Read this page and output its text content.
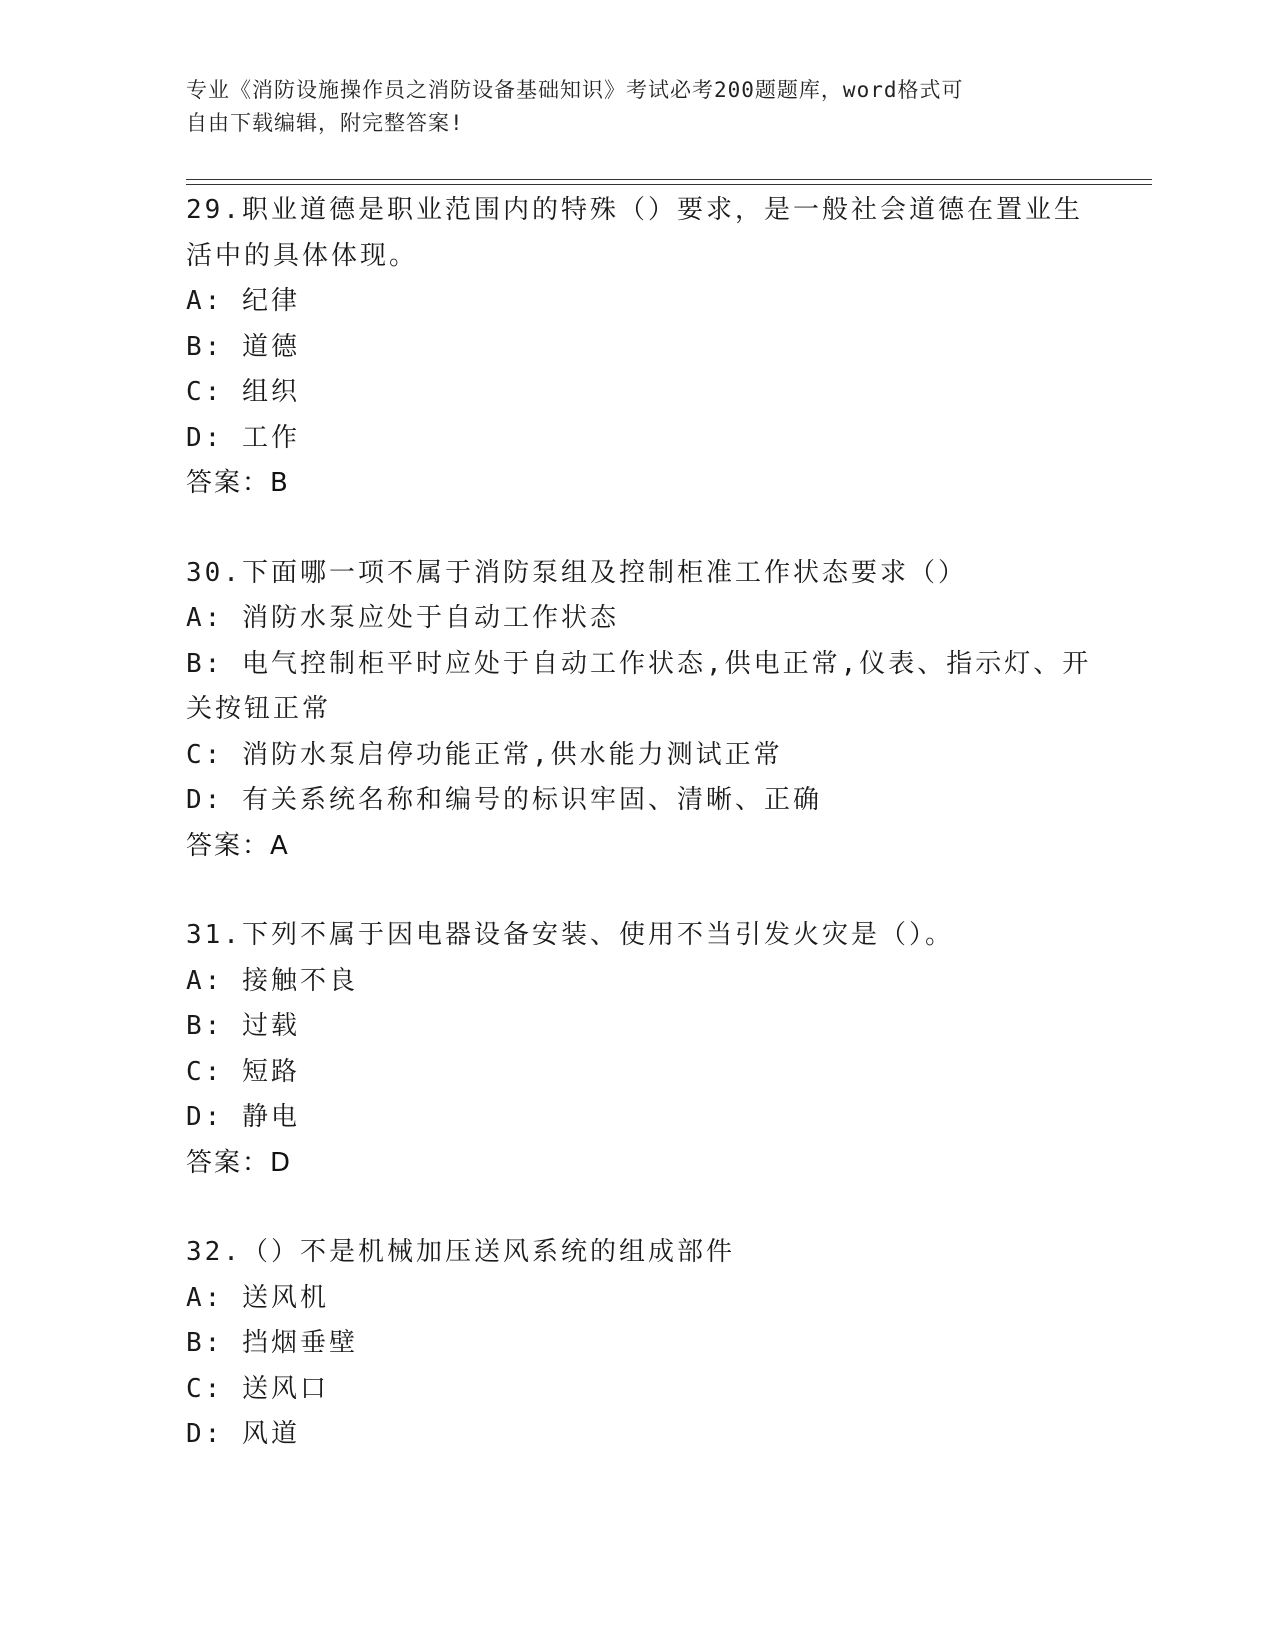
专业《消防设施操作员之消防设备基础知识》考试必考200题题库，word格式可
自由下载编辑，附完整答案!
29.职业道德是职业范围内的特殊（）要求，是一般社会道德在置业生
活中的具体体现。
A: 纪律
B: 道德
C: 组织
D: 工作
答案：B
30.下面哪一项不属于消防泵组及控制柜准工作状态要求（）
A: 消防水泵应处于自动工作状态
B: 电气控制柜平时应处于自动工作状态,供电正常,仪表、指示灯、开
关按钮正常
C: 消防水泵启停功能正常,供水能力测试正常
D: 有关系统名称和编号的标识牢固、清晰、正确
答案：A
31.下列不属于因电器设备安装、使用不当引发火灾是（）。
A: 接触不良
B: 过载
C: 短路
D: 静电
答案：D
32.（）不是机械加压送风系统的组成部件
A: 送风机
B: 挡烟垂壁
C: 送风口
D: 风道
